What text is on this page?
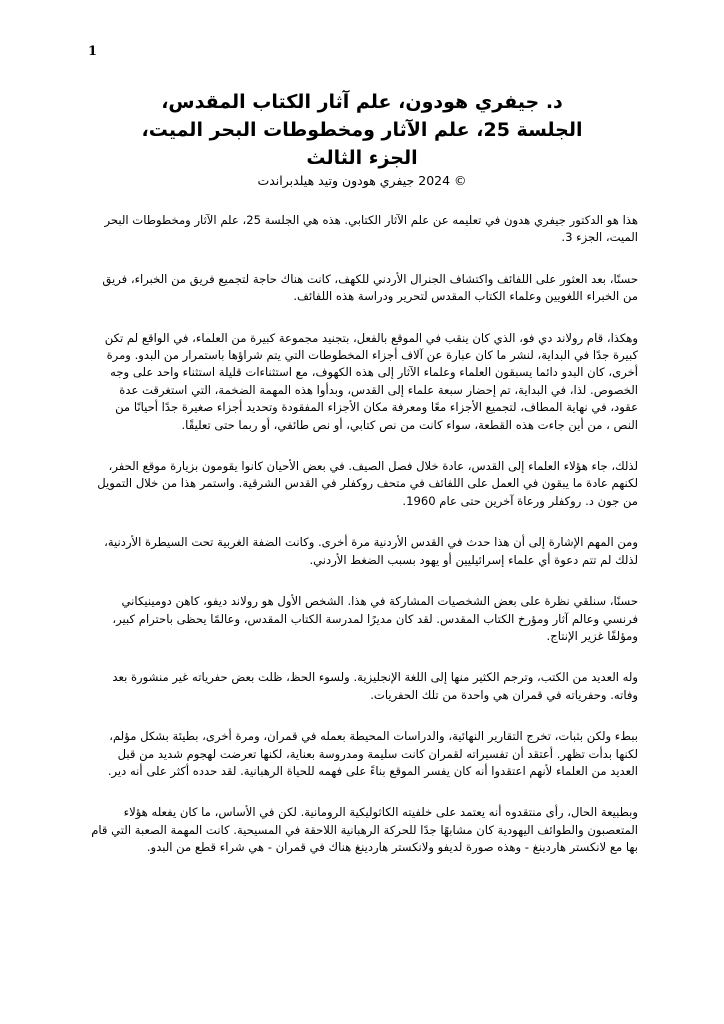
1
د. جيفري هودون، علم آثار الكتاب المقدس،
الجلسة 25، علم الآثار ومخطوطات البحر الميت،
الجزء الثالث
© 2024 جيفري هودون وتيد هيلدبراندت

هذا هو الدكتور جيفري هدون في تعليمه عن علم الآثار الكتابي. هذه هي الجلسة 25، علم الآثار ومخطوطات البحر الميت، الجزء 3.

حسنًا، بعد العثور على اللفائف واكتشاف الجنرال الأردني للكهف، كانت هناك حاجة لتجميع فريق من الخبراء، فريق من الخبراء اللغويين وعلماء الكتاب المقدس لتحرير ودراسة هذه اللفائف.

وهكذا، قام رولاند دي فو، الذي كان ينقب في الموقع بالفعل، بتجنيد مجموعة كبيرة من العلماء، في الواقع لم تكن كبيرة جدًا في البداية، لنشر ما كان عبارة عن آلاف أجزاء المخطوطات التي يتم شراؤها باستمرار من البدو. ومرة أخرى، كان البدو دائما يسبقون العلماء وعلماء الآثار إلى هذه الكهوف، مع استثناءات قليلة استثناء واحد على وجه الخصوص. لذا، في البداية، تم إحضار سبعة علماء إلى القدس، وبدأوا هذه المهمة الضخمة، التي استغرقت عدة عقود، في نهاية المطاف، لتجميع الأجزاء معًا ومعرفة مكان الأجزاء المفقودة وتحديد أجزاء صغيرة جدًا أحيانًا من النص ، من أين جاءت هذه القطعة، سواء كانت من نص كتابي، أو نص طائفي، أو ربما حتى تعليقًا.

لذلك، جاء هؤلاء العلماء إلى القدس، عادة خلال فصل الصيف. في بعض الأحيان كانوا يقومون بزيارة موقع الحفر، لكنهم عادة ما يبقون في العمل على اللفائف في متحف روكفلر في القدس الشرقية. واستمر هذا من خلال التمويل من جون د. روكفلر ورعاة آخرين حتى عام 1960.

ومن المهم الإشارة إلى أن هذا حدث في القدس الأردنية مرة أخرى. وكانت الضفة الغربية تحت السيطرة الأردنية، لذلك لم تتم دعوة أي علماء إسرائيليين أو يهود بسبب الضغط الأردني.

حسنًا، سنلقي نظرة على بعض الشخصيات المشاركة في هذا. الشخص الأول هو رولاند ديفو، كاهن دومينيكاني فرنسي وعالم آثار ومؤرخ الكتاب المقدس. لقد كان مديرًا لمدرسة الكتاب المقدس، وعالمًا يحظى باحترام كبير، ومؤلفًا غزير الإنتاج.

وله العديد من الكتب، وترجم الكثير منها إلى اللغة الإنجليزية. ولسوء الحظ، ظلت بعض حفرياته غير منشورة بعد وفاته. وحفرياته في قمران هي واحدة من تلك الحفريات.

ببطء ولكن بثبات، تخرج التقارير النهائية، والدراسات المحيطة بعمله في قمران، ومرة أخرى، بطيئة بشكل مؤلم، لكنها بدأت تظهر. أعتقد أن تفسيراته لقمران كانت سليمة ومدروسة بعناية، لكنها تعرضت لهجوم شديد من قبل العديد من العلماء لأنهم اعتقدوا أنه كان يفسر الموقع بناءً على فهمه للحياة الرهبانية. لقد حدده أكثر على أنه دير.

وبطبيعة الحال، رأى منتقدوه أنه يعتمد على خلفيته الكاثوليكية الرومانية. لكن في الأساس، ما كان يفعله هؤلاء المتعصبون والطوائف اليهودية كان مشابهًا جدًا للحركة الرهبانية اللاحقة في المسيحية. كانت المهمة الصعبة التي قام بها مع لانكستر هاردينغ - وهذه صورة لديفو ولانكستر هاردينغ هناك في قمران - هي شراء قطع من البدو.
